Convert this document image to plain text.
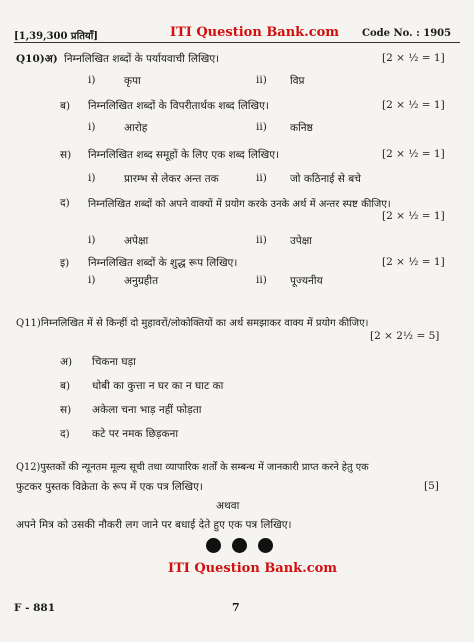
[1,39,300 प्रतियाँ]	ITI Question Bank.com Code No. : 1905
Q10)अ) निम्नलिखित शब्दों के पर्यायवाची लिखिए।	[2 × ½ = 1]
i)	कृपा	ii) विप्र
ब) निम्नलिखित शब्दों के विपरीतार्थक शब्द लिखिए।	[2 × ½ = 1]
i)	आरोह	ii) कनिष्ठ
स) निम्नलिखित शब्द समूहों के लिए एक शब्द लिखिए।	[2 × ½ = 1]
i)	प्रारम्भ से लेकर अन्त तक	ii) जो कठिनाई से बचे
द) निम्नलिखित शब्दों को अपने वाक्यों में प्रयोग करके उनके अर्थ में अन्तर स्पष्ट कीजिए।
[2 × ½ = 1]
i)	अपेक्षा	ii) उपेक्षा
इ) निम्नलिखित शब्दों के शुद्ध रूप लिखिए।	[2 × ½ = 1]
i)	अनुग्रहीत	ii) पूज्यनीय
Q11)निम्नलिखित में से किन्हीं दो मुहावरों/लोकोक्तियों का अर्थ समझाकर वाक्य में प्रयोग कीजिए।
[2 × 2½ = 5]
अ) चिकना घड़ा
ब) धोबी का कुत्ता न घर का न घाट का
स) अकेला चना भाड़ नहीं फोड़ता
द) कटे पर नमक छिड़कना
Q12)पुस्तकों की न्यूनतम मूल्य सूची तथा व्यापारिक शर्तों के सम्बन्ध में जानकारी प्राप्त करने हेतु एक
फुटकर पुस्तक विक्रेता के रूप में एक पत्र लिखिए।	[5]
अथवा
अपने मित्र को उसकी नौकरी लग जाने पर बधाई देते हुए एक पत्र लिखिए।
ITI Question Bank.com
F - 881	7
